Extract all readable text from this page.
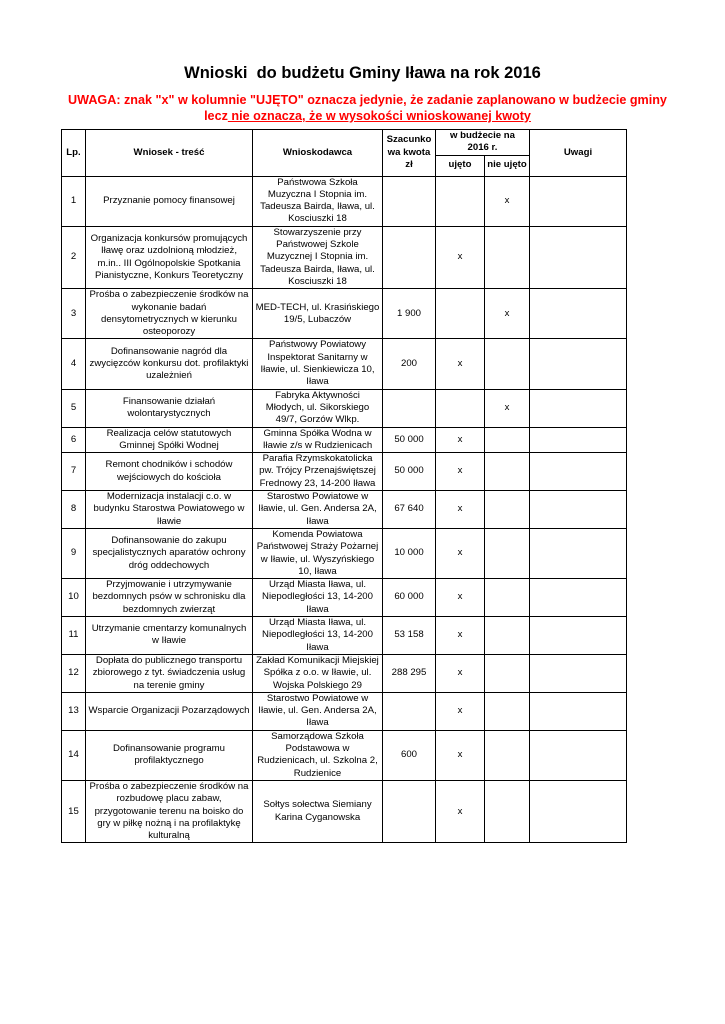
Wnioski  do budżetu Gminy Iława na rok 2016
UWAGA: znak "x" w kolumnie "UJĘTO" oznacza jedynie, że zadanie zaplanowano w budżecie gminy lecz nie oznacza, że w wysokości wnioskowanej kwoty
Lp.	Wniosek - treść	Wnioskodawca	Szacunko wa kwota zł	w budżecie na 2016 r.		Uwagi
				ujęto	nie ujęto	
1	Przyznanie pomocy finansowej	Państwowa Szkoła Muzyczna I Stopnia im. Tadeusza Bairda, Iława, ul. Kosciuszki 18			x	
2	Organizacja konkursów promujących Iławę oraz uzdolnioną młodzież, m.in.. III Ogólnopolskie Spotkania Pianistyczne, Konkurs Teoretyczny	Stowarzyszenie przy Państwowej Szkole Muzycznej I Stopnia im. Tadeusza Bairda, Iława, ul. Kosciuszki 18		x		
3	Prośba o zabezpieczenie środków na wykonanie badań densytometrycznych w kierunku osteoporozy	MED-TECH, ul. Krasińskiego 19/5, Lubaczów	1 900		x	
4	Dofinansowanie nagród dla zwycięzców konkursu dot. profilaktyki uzależnień	Państwowy Powiatowy Inspektorat Sanitarny w Iławie, ul. Sienkiewicza 10, Iława	200	x		
5	Finansowanie działań wolontarystycznych	Fabryka Aktywności Młodych, ul. Sikorskiego 49/7, Gorzów Wlkp.			x	
6	Realizacja celów statutowych Gminnej Spółki Wodnej	Gminna Spółka Wodna w Iławie z/s w Rudzienicach	50 000	x		
7	Remont chodników i schodów wejściowych do kościoła	Parafia Rzymskokatolicka pw. Trójcy Przenajświętszej Frednowy 23, 14-200 Iława	50 000	x		
8	Modernizacja instalacji c.o. w budynku Starostwa Powiatowego w Iławie	Starostwo Powiatowe w Iławie, ul. Gen. Andersa 2A, Iława	67 640	x		
9	Dofinansowanie do zakupu specjalistycznych aparatów ochrony dróg oddechowych	Komenda Powiatowa Państwowej Straży Pożarnej w Iławie, ul. Wyszyńskiego 10, Iława	10 000	x		
10	Przyjmowanie i utrzymywanie bezdomnych psów w schronisku dla bezdomnych zwierząt	Urząd Miasta Iława, ul. Niepodległości 13, 14-200 Iława	60 000	x		
11	Utrzymanie cmentarzy komunalnych w Iławie	Urząd Miasta Iława, ul. Niepodległości 13, 14-200 Iława	53 158	x		
12	Dopłata do publicznego transportu zbiorowego z tyt. świadczenia usług na terenie gminy	Zakład Komunikacji Miejskiej Spółka z o.o. w Iławie, ul. Wojska Polskiego 29	288 295	x		
13	Wsparcie Organizacji Pozarządowych	Starostwo Powiatowe w Iławie, ul. Gen. Andersa 2A, Iława		x		
14	Dofinansowanie programu profilaktycznego	Samorządowa Szkoła Podstawowa w Rudzienicach, ul. Szkolna 2, Rudzienice	600	x		
15	Prośba o zabezpieczenie środków na rozbudowę placu zabaw, przygotowanie terenu na boisko do gry w piłkę nożną i na profilaktykę kulturalną	Sołtys sołectwa Siemiany Karina Cyganowska		x		
